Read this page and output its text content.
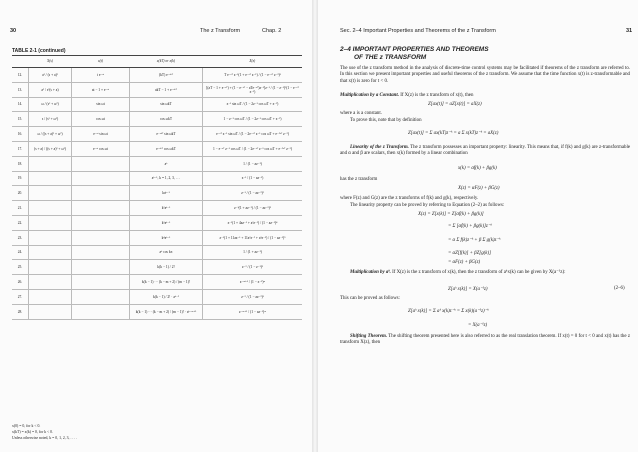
30	The z Transform	Chap. 2
TABLE 2-1 (continued)
	X(s)	x(t)	x(kT) or x(k)	X(z)
12.	a² / (s + a)²	t e⁻ᵃᵗ	(kT) e⁻ᵃᵏᵀ	T e⁻ᵃᵀ z⁻¹(1 + e⁻ᵃᵀ z⁻¹) / (1 − e⁻ᵃᵀ z⁻¹)³
13.	a² / s²(s + a)	at − 1 + e⁻ᵃᵗ	akT − 1 + e⁻ᵃᵏᵀ	[(aT − 1 + e⁻ᵃᵀ) + (1 − e⁻ᵃᵀ − aTe⁻ᵃᵀ)z⁻¹]z⁻¹ / (1 − z⁻¹)²(1 − e⁻ᵃᵀ z⁻¹)
14.	ω / (s² + ω²)	sin ωt	sin ωkT	z⁻¹ sin ωT / (1 − 2z⁻¹ cos ωT + z⁻²)
15.	s / (s² + ω²)	cos ωt	cos ωkT	1 − z⁻¹ cos ωT / (1 − 2z⁻¹ cos ωT + z⁻²)
16.	ω / ((s + a)² + ω²)	e⁻ᵃᵗ sin ωt	e⁻ᵃᵏᵀ sin ωkT	e⁻ᵃᵀ z⁻¹ sin ωT / (1 − 2e⁻ᵃᵀ z⁻¹ cos ωT + e⁻²ᵃᵀ z⁻²)
17.	(s + a) / ((s + a)² + ω²)	e⁻ᵃᵗ cos ωt	e⁻ᵃᵏᵀ cos ωkT	1 − e⁻ᵃᵀ z⁻¹ cos ωT / (1 − 2e⁻ᵃᵀ z⁻¹ cos ωT + e⁻²ᵃᵀ z⁻²)
18.			aᵏ	1 / (1 − az⁻¹)
19.			aᵏ⁻¹, k = 1, 2, 3, . . .	z⁻¹ / (1 − az⁻¹)
20.			kaᵏ⁻¹	z⁻¹ / (1 − az⁻¹)²
21.			k²aᵏ⁻¹	z⁻¹(1 + az⁻¹) / (1 − az⁻¹)³
22.			k³aᵏ⁻¹	z⁻¹(1 + 4az⁻¹ + a²z⁻²) / (1 − az⁻¹)⁴
23.			k⁴aᵏ⁻¹	z⁻¹(1 + 11az⁻¹ + 11a²z⁻² + a³z⁻³) / (1 − az⁻¹)⁵
24.			aᵏ cos kπ	1 / (1 + az⁻¹)
25.			k(k − 1) / 2!	z⁻² / (1 − z⁻¹)³
26.			k(k − 1) ··· (k − m + 2) / (m − 1)!	z⁻ᵐ⁺¹ / (1 − z⁻¹)ᵐ
27.			k(k − 1) / 2! · aᵏ⁻²	z⁻² / (1 − az⁻¹)³
28.			k(k − 1) ··· (k − m + 2) / (m − 1)! · aᵏ⁻ᵐ⁺¹	z⁻ᵐ⁺¹ / (1 − az⁻¹)ᵐ
x(0) = 0, for k < 0.
x(kT) = x(k) = 0, for k < 0.
Unless otherwise noted, k = 0, 1, 2, 3, . . . .
Sec. 2–4 Important Properties and Theorems of the z Transform	31
2–4 IMPORTANT PROPERTIES AND THEOREMS
OF THE z TRANSFORM
The use of the z transform method in the analysis of discrete-time control systems may be facilitated if theorems of the z transform are referred to. In this section we present important properties and useful theorems of the z transform. We assume that the time function x(t) is z-transformable and that x(t) is zero for t < 0.
Multiplication by a Constant. If X(z) is the z transform of x(t), then
Z[ax(t)] = aZ[x(t)] = aX(z)
where a is a constant.
To prove this, note that by definition
Z[ax(t)] = Σ ax(kT)z⁻ᵏ = a Σ x(kT)z⁻ᵏ = aX(z)
Linearity of the z Transform. The z transform possesses an important property: linearity. This means that, if f(k) and g(k) are z-transformable and α and β are scalars, then x(k) formed by a linear combination
x(k) = αf(k) + βg(k)
has the z transform
X(z) = αF(z) + βG(z)
where F(z) and G(z) are the z transforms of f(k) and g(k), respectively.
The linearity property can be proved by referring to Equation (2–2) as follows:
X(z) = Z[x(k)] = Z[αf(k) + βg(k)]
= Σ [αf(k) + βg(k)]z⁻ᵏ
= α Σ f(k)z⁻ᵏ + β Σ g(k)z⁻ᵏ
= αZ[f(k)] + βZ[g(k)]
= αF(z) + βG(z)
Multiplication by aᵏ. If X(z) is the z transform of x(k), then the z transform of aᵏx(k) can be given by X(a⁻¹z):
Z[aᵏ x(k)] = X(a⁻¹z)	(2–6)
This can be proved as follows:
Z[aᵏ x(k)] = Σ aᵏ x(k)z⁻ᵏ = Σ x(k)(a⁻¹z)⁻ᵏ
= X(a⁻¹z)
Shifting Theorem. The shifting theorem presented here is also referred to as the real translation theorem. If x(t) = 0 for t < 0 and x(t) has the z transform X(z), then
